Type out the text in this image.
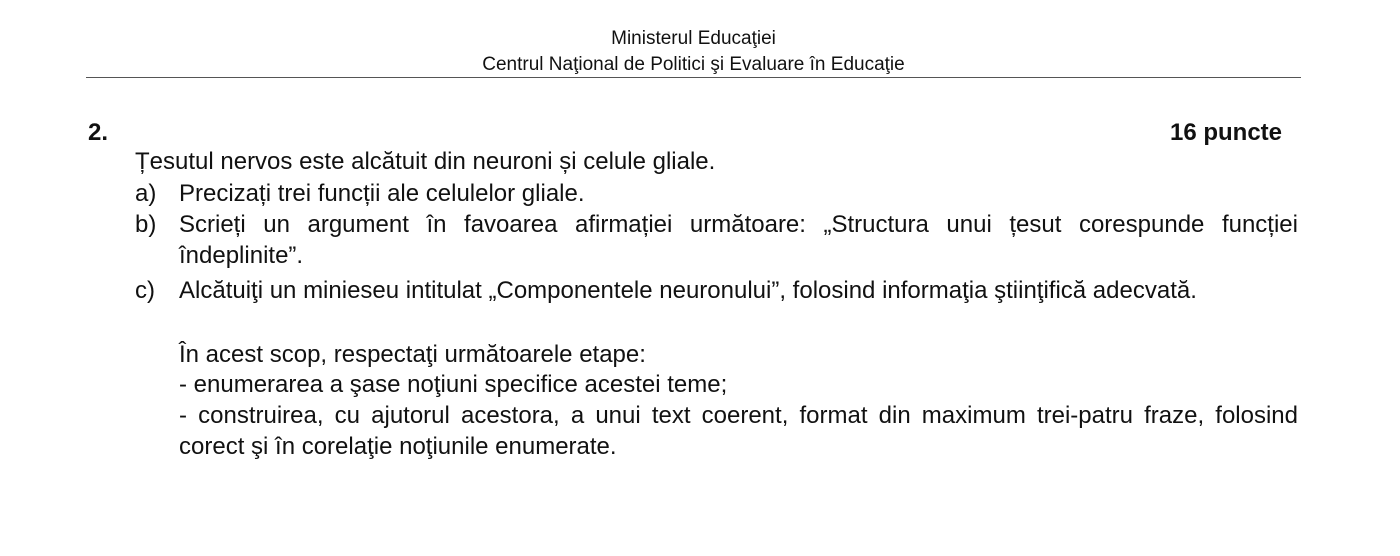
Ministerul Educaţiei
Centrul Naţional de Politici şi Evaluare în Educaţie
2.	16 puncte
Țesutul nervos este alcătuit din neuroni și celule gliale.
a) Precizați trei funcții ale celulelor gliale.
b) Scrieți un argument în favoarea afirmației următoare: „Structura unui țesut corespunde funcției îndeplinite”.
c)	Alcătuiţi un minieseu intitulat „Componentele neuronului”, folosind informaţia ştiinţifică adecvată.
În acest scop, respectaţi următoarele etape:
- enumerarea a şase noţiuni specifice acestei teme;
- construirea, cu ajutorul acestora, a unui text coerent, format din maximum trei-patru fraze, folosind corect şi în corelaţie noţiunile enumerate.
